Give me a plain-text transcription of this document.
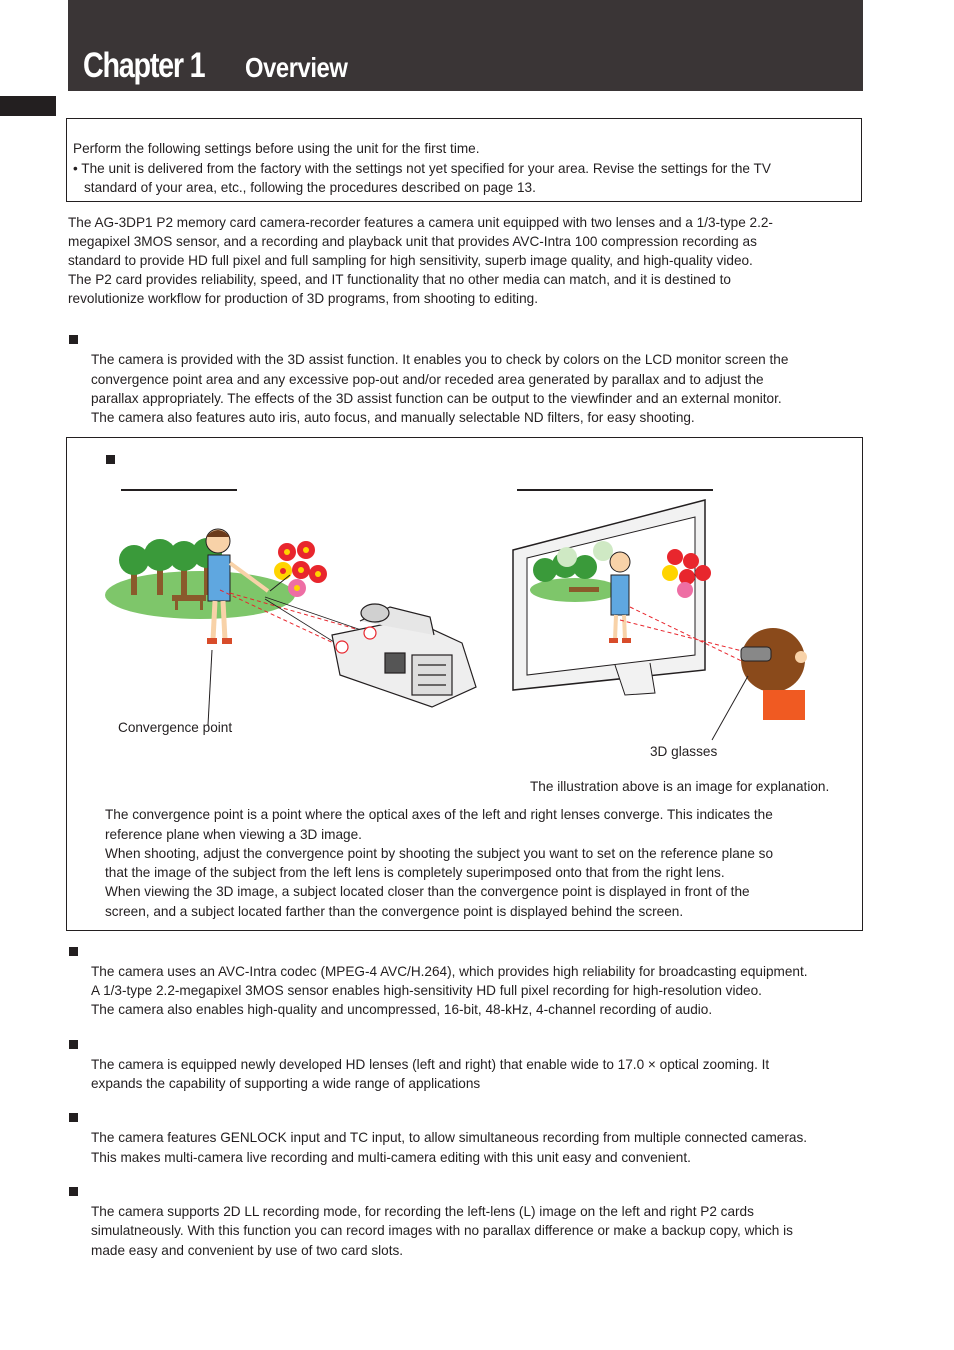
Chapter 1 Overview
Perform the following settings before using the unit for the first time.
• The unit is delivered from the factory with the settings not yet specified for your area. Revise the settings for the TV
standard of your area, etc., following the procedures described on page 13.
The AG-3DP1 P2 memory card camera-recorder features a camera unit equipped with two lenses and a 1/3-type 2.2-
megapixel 3MOS sensor, and a recording and playback unit that provides AVC-Intra 100 compression recording as
standard to provide HD full pixel and full sampling for high sensitivity, superb image quality, and high-quality video.
The P2 card provides reliability, speed, and IT functionality that no other media can match, and it is destined to
revolutionize workflow for production of 3D programs, from shooting to editing.
The camera is provided with the 3D assist function. It enables you to check by colors on the LCD monitor screen the
convergence point area and any excessive pop-out and/or receded area generated by parallax and to adjust the
parallax appropriately. The effects of the 3D assist function can be output to the viewfinder and an external monitor.
The camera also features auto iris, auto focus, and manually selectable ND filters, for easy shooting.
Convergence point
3D glasses
The illustration above is an image for explanation.
The convergence point is a point where the optical axes of the left and right lenses converge. This indicates the
reference plane when viewing a 3D image.
When shooting, adjust the convergence point by shooting the subject you want to set on the reference plane so
that the image of the subject from the left lens is completely superimposed onto that from the right lens.
When viewing the 3D image, a subject located closer than the convergence point is displayed in front of the
screen, and a subject located farther than the convergence point is displayed behind the screen.
The camera uses an AVC-Intra codec (MPEG-4 AVC/H.264), which provides high reliability for broadcasting equipment.
A 1/3-type 2.2-megapixel 3MOS sensor enables high-sensitivity HD full pixel recording for high-resolution video.
The camera also enables high-quality and uncompressed, 16-bit, 48-kHz, 4-channel recording of audio.
The camera is equipped newly developed HD lenses (left and right) that enable wide to 17.0 × optical zooming. It
expands the capability of supporting a wide range of applications
The camera features GENLOCK input and TC input, to allow simultaneous recording from multiple connected cameras.
This makes multi-camera live recording and multi-camera editing with this unit easy and convenient.
The camera supports 2D LL recording mode, for recording the left-lens (L) image on the left and right P2 cards
simulatneously. With this function you can record images with no parallax difference or make a backup copy, which is
made easy and convenient by use of two card slots.
